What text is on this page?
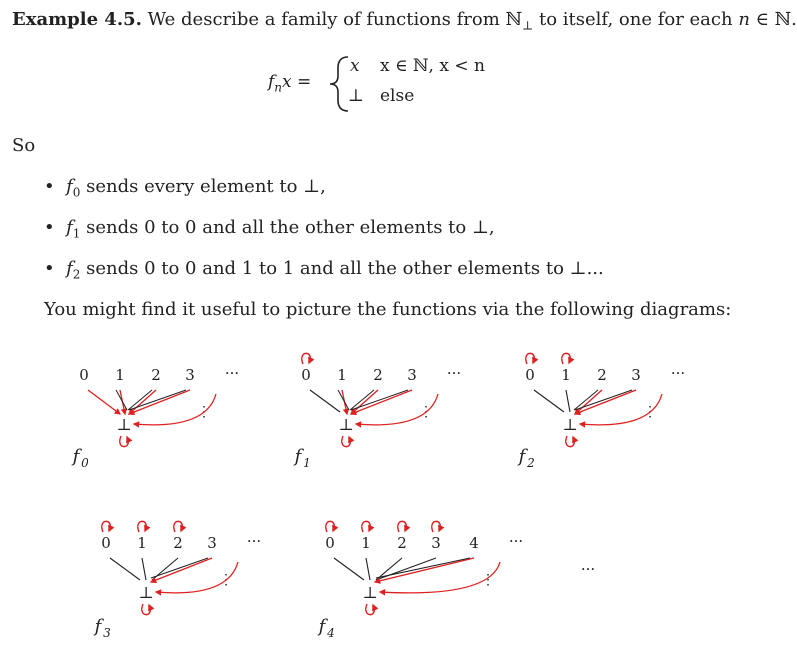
Example 4.5. We describe a family of functions from ℕ$_\perp$ to itself, one for each n ∈ ℕ.
$f_nx$ =
x x ∈ ℕ, x < n
⊥ else
So
• $f_0$ sends every element to ⊥,
• $f_1$ sends 0 to 0 and all the other elements to ⊥,
• $f_2$ sends 0 to 0 and 1 to 1 and all the other elements to ⊥...
You might find it useful to picture the functions via the following diagrams:
0 1 2 3 ···
⋮
⊥
f 0
0 1 2 3 ···
⋮
⊥
f 1
0 1 2 3 ···
⋮
⊥
f 2
0 1 2 3 ···
⋮
⊥
f 3
0 1 2 3 4 ···
⋮
⊥
f 4
···
